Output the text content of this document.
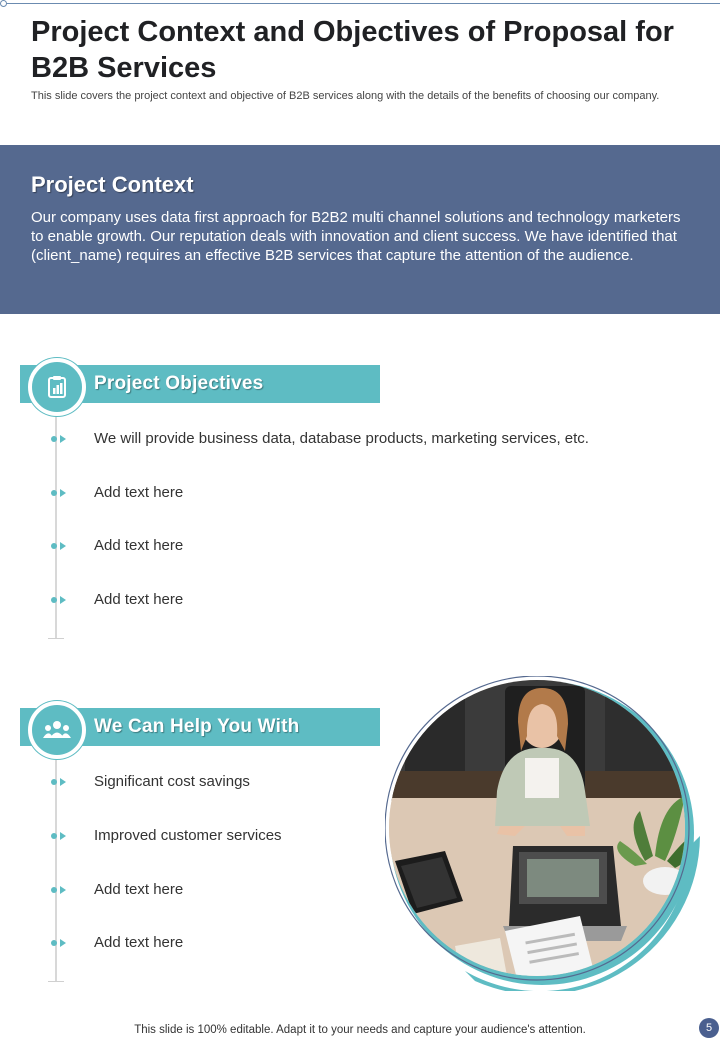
Project Context and Objectives of Proposal for B2B Services
This slide covers the project context and objective of B2B services along with the details of the benefits of choosing our company.
Project Context
Our company uses data first approach for B2B2 multi channel solutions and technology marketers to enable growth. Our reputation deals with innovation and client success. We have identified that (client_name) requires an effective B2B services that capture the attention of the audience.
Project Objectives
We will provide business data, database products, marketing services, etc.
Add text here
Add text here
Add text here
We Can Help You With
Significant cost savings
Improved customer services
Add text here
Add text here
This slide is 100% editable. Adapt it to your needs and capture your audience's attention.	5
